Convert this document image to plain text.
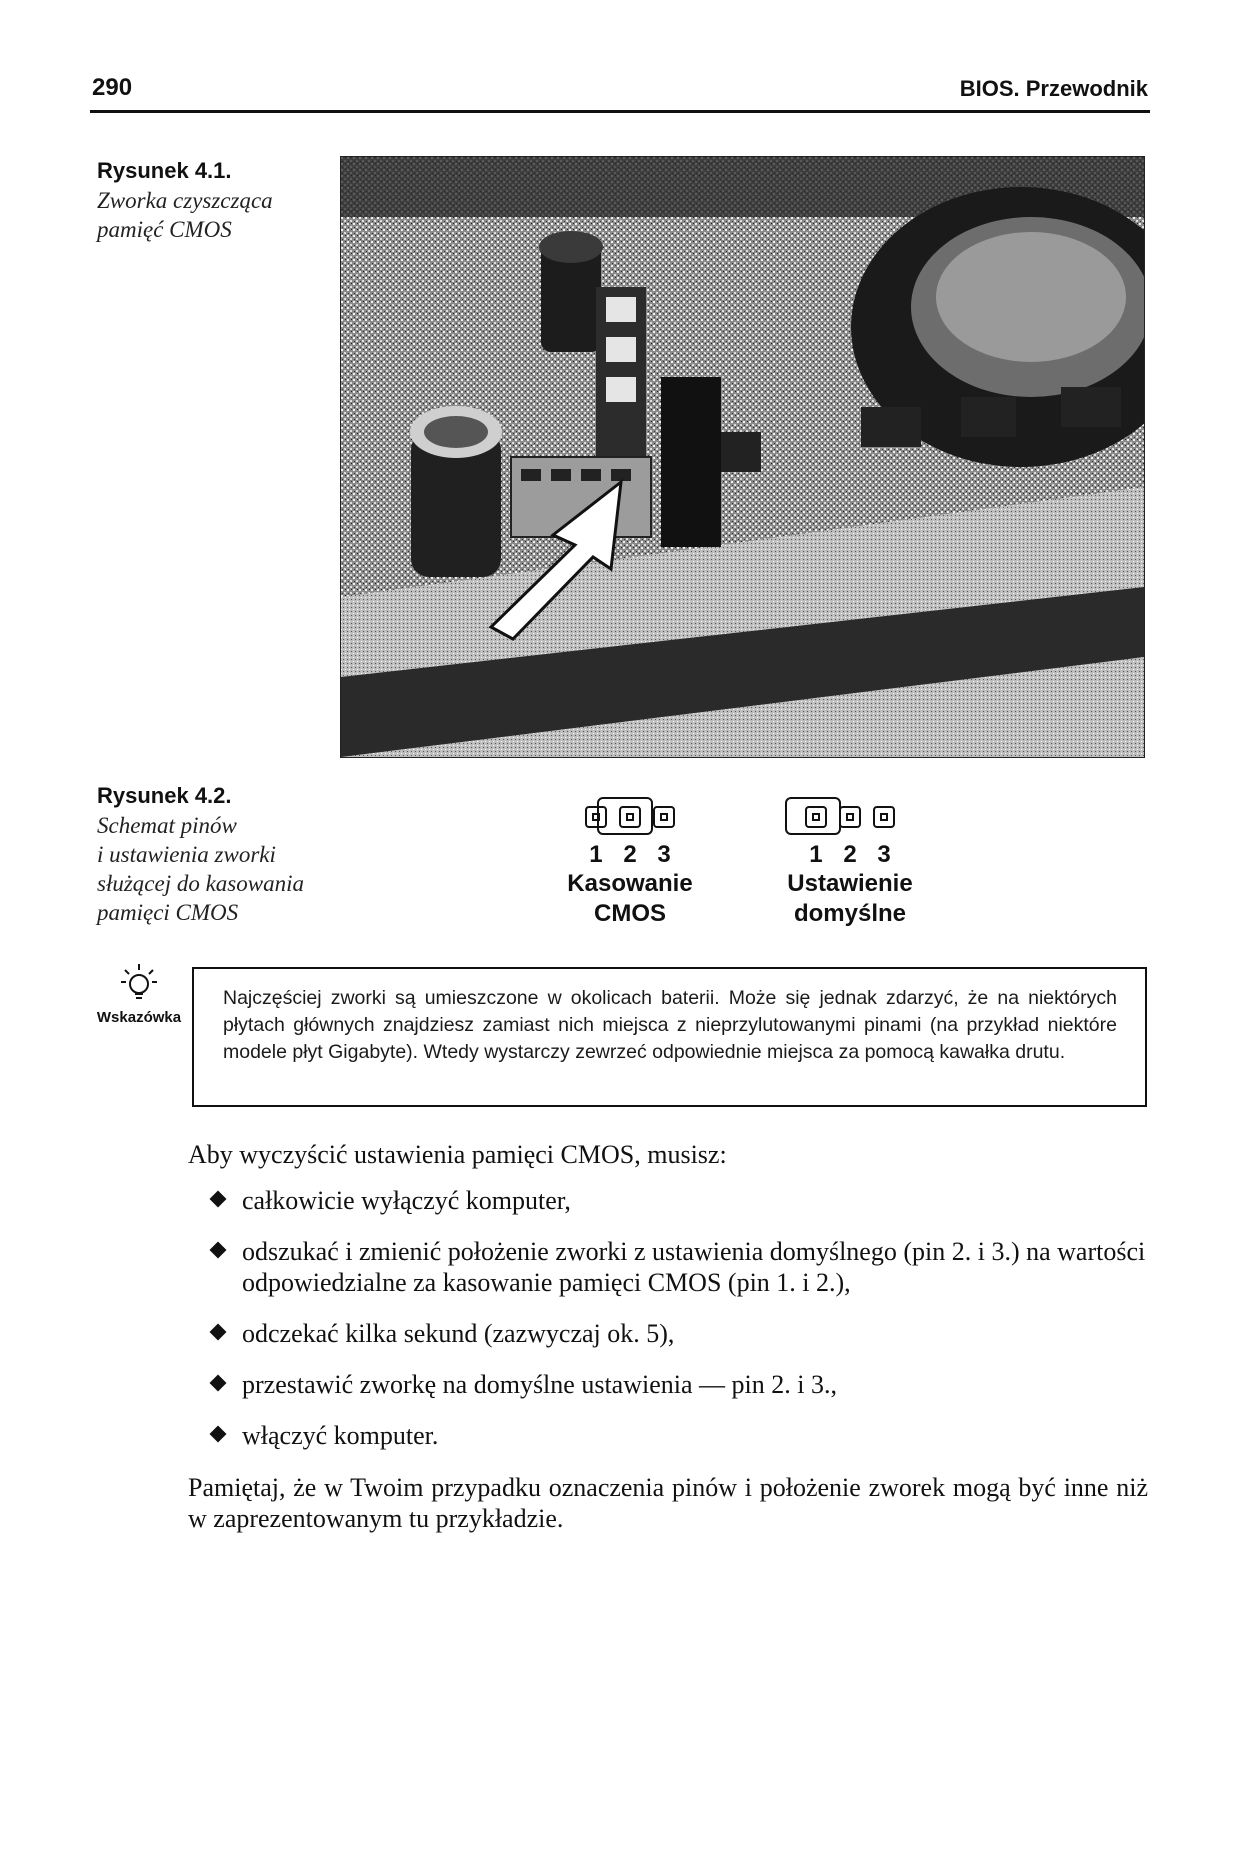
290	BIOS. Przewodnik
Rysunek 4.1.
Zworka czyszcząca
pamięć CMOS
Rysunek 4.2.
Schemat pinów
i ustawienia zworki
służącej do kasowania
pamięci CMOS
1 2 3
Kasowanie
CMOS
1 2 3
Ustawienie
domyślne
Wskazówka
Najczęściej zworki są umieszczone w okolicach baterii. Może się jednak zdarzyć, że na niektórych płytach głównych znajdziesz zamiast nich miejsca z nieprzylutowanymi pinami (na przykład niektóre modele płyt Gigabyte). Wtedy wystarczy zewrzeć odpowiednie miejsca za pomocą kawałka drutu.
Aby wyczyścić ustawienia pamięci CMOS, musisz:
całkowicie wyłączyć komputer,
odszukać i zmienić położenie zworki z ustawienia domyślnego (pin 2. i 3.) na wartości odpowiedzialne za kasowanie pamięci CMOS (pin 1. i 2.),
odczekać kilka sekund (zazwyczaj ok. 5),
przestawić zworkę na domyślne ustawienia — pin 2. i 3.,
włączyć komputer.
Pamiętaj, że w Twoim przypadku oznaczenia pinów i położenie zworek mogą być inne niż w zaprezentowanym tu przykładzie.
